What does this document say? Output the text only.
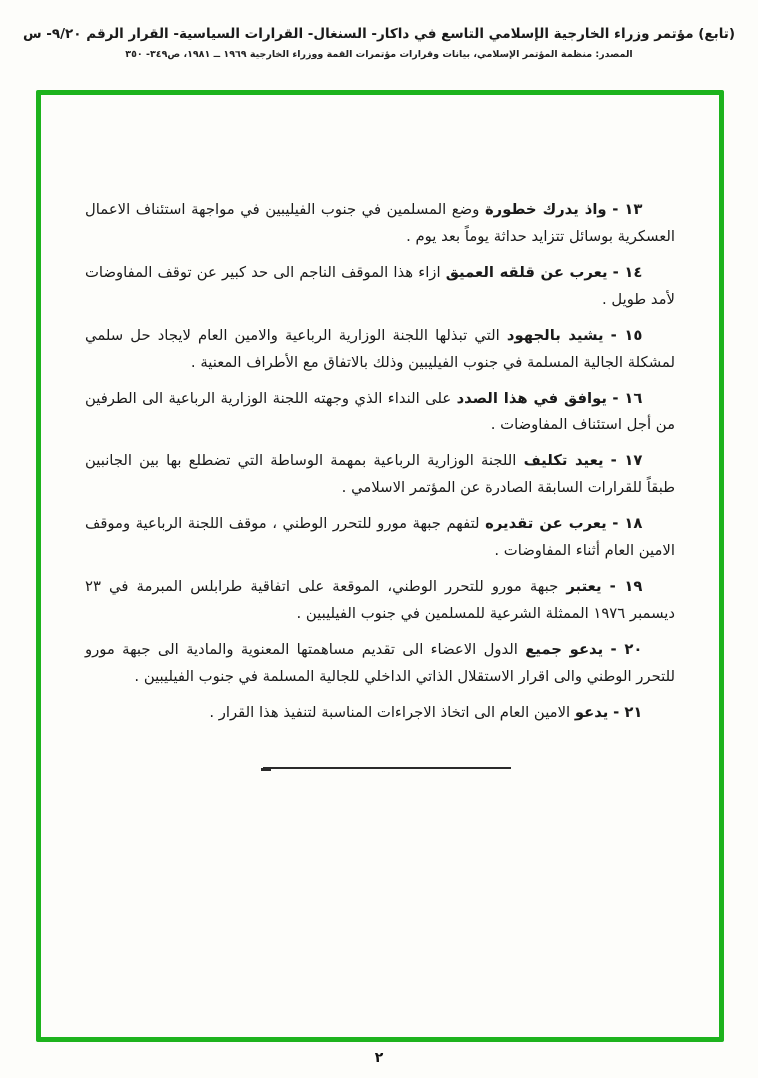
(تابع) مؤتمر وزراء الخارجية الإسلامي التاسع في داكار- السنغال- القرارات السياسية- القرار الرقم ٩/٢٠- س
المصدر: منظمة المؤتمر الإسلامي، بيانات وقرارات مؤتمرات القمة ووزراء الخارجية ١٩٦٩ ــ ١٩٨١، ص٣٤٩- ٣٥٠

١٣ - واذ يدرك خطورة وضع المسلمين في جنوب الفيليبين في مواجهة استئناف الاعمال العسكرية بوسائل تتزايد حداثة يوماً بعد يوم .

١٤ - يعرب عن قلقه العميق ازاء هذا الموقف الناجم الى حد كبير عن توقف المفاوضات لأمد طويل .

١٥ - يشيد بالجهود التي تبذلها اللجنة الوزارية الرباعية والامين العام لايجاد حل سلمي لمشكلة الجالية المسلمة في جنوب الفيليبين وذلك بالاتفاق مع الأطراف المعنية .

١٦ - يوافق في هذا الصدد على النداء الذي وجهته اللجنة الوزارية الرباعية الى الطرفين من أجل استئناف المفاوضات .

١٧ - يعيد تكليف اللجنة الوزارية الرباعية بمهمة الوساطة التي تضطلع بها بين الجانبين طبقاً للقرارات السابقة الصادرة عن المؤتمر الاسلامي .

١٨ - يعرب عن تقديره لتفهم جبهة مورو للتحرر الوطني ، موقف اللجنة الرباعية وموقف الامين العام أثناء المفاوضات .

١٩ - يعتبر جبهة مورو للتحرر الوطني، الموقعة على اتفاقية طرابلس المبرمة في ٢٣ ديسمبر ١٩٧٦ الممثلة الشرعية للمسلمين في جنوب الفيليبين .

٢٠ - يدعو جميع الدول الاعضاء الى تقديم مساهمتها المعنوية والمادية الى جبهة مورو للتحرر الوطني والى اقرار الاستقلال الذاتي الداخلي للجالية المسلمة في جنوب الفيليبين .

٢١ - يدعو الامين العام الى اتخاذ الاجراءات المناسبة لتنفيذ هذا القرار .

٢
